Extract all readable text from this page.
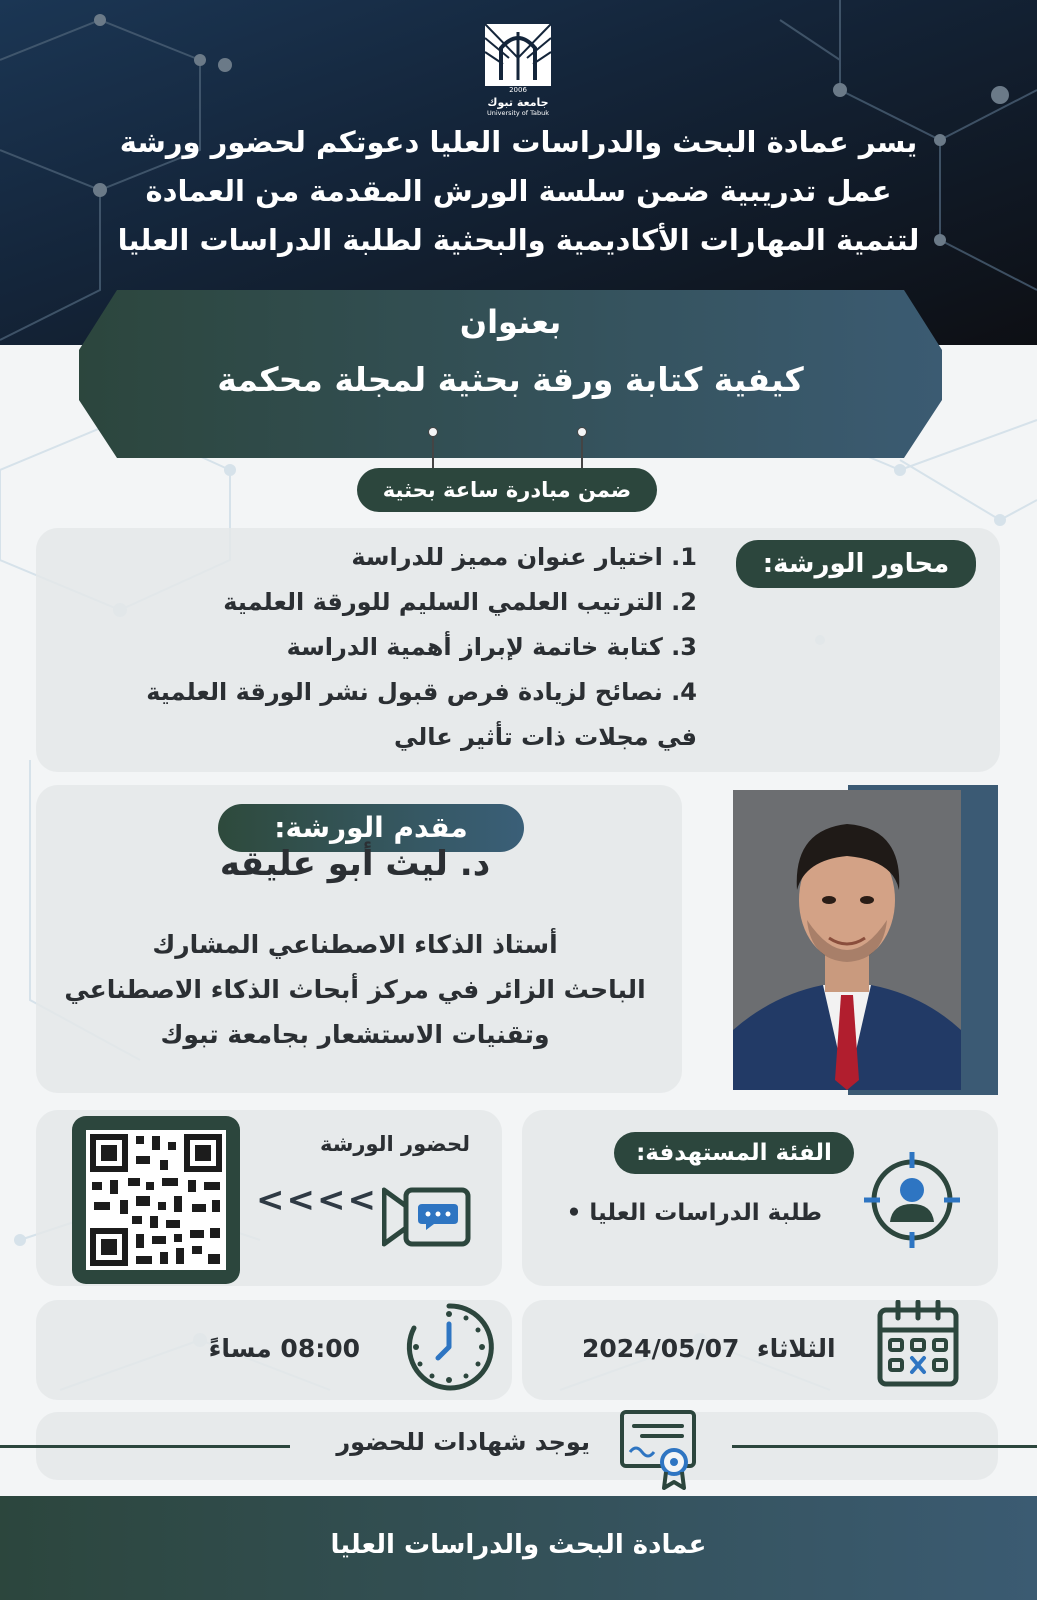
2006
جامعة تبوك
University of Tabuk
يسر عمادة البحث والدراسات العليا دعوتكم لحضور ورشة
عمل تدريبية ضمن سلسة الورش المقدمة من العمادة
لتنمية المهارات الأكاديمية والبحثية لطلبة الدراسات العليا
بعنوان
كيفية كتابة ورقة بحثية لمجلة محكمة
ضمن مبادرة ساعة بحثية
محاور الورشة:
1. اختيار عنوان مميز للدراسة
2. الترتيب العلمي السليم للورقة العلمية
3. كتابة خاتمة لإبراز أهمية الدراسة
4. نصائح لزيادة فرص قبول نشر الورقة العلمية
في مجلات ذات تأثير عالي
مقدم الورشة:
د. ليث أبو عليقه
أستاذ الذكاء الاصطناعي المشارك
الباحث الزائر في مركز أبحاث الذكاء الاصطناعي
وتقنيات الاستشعار بجامعة تبوك
لحضور الورشة
<<<<
الفئة المستهدفة:
طلبة الدراسات العليا •
08:00 مساءً	الثلاثاء  2024/05/07
يوجد شهادات للحضور
عمادة البحث والدراسات العليا
